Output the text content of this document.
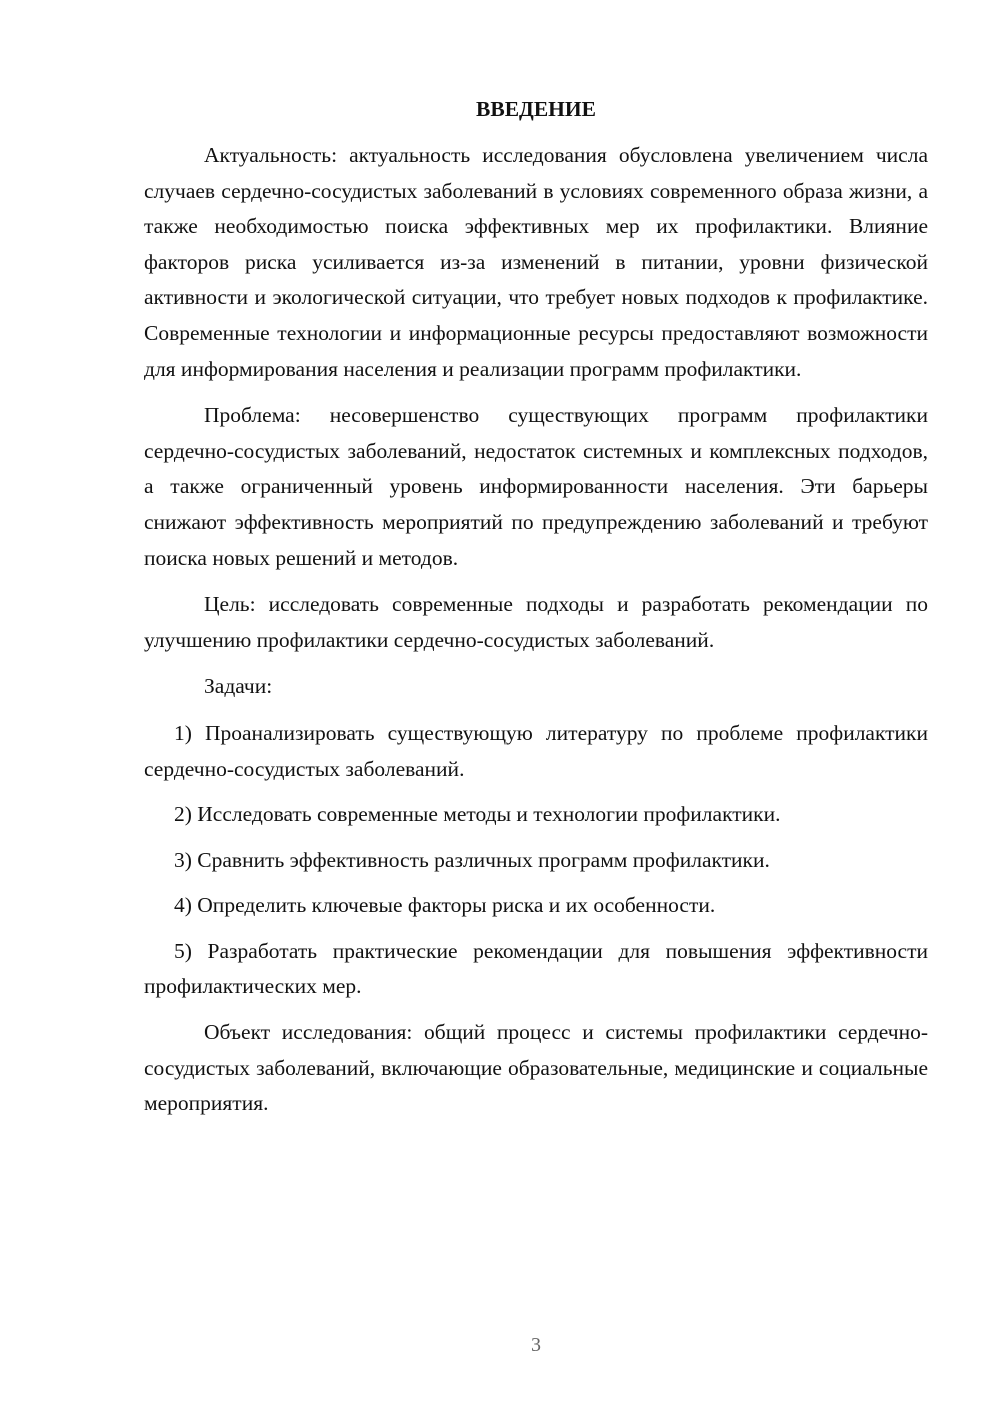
ВВЕДЕНИЕ

Актуальность: актуальность исследования обусловлена увеличением числа случаев сердечно-сосудистых заболеваний в условиях современного образа жизни, а также необходимостью поиска эффективных мер их профилактики. Влияние факторов риска усиливается из-за изменений в питании, уровни физической активности и экологической ситуации, что требует новых подходов к профилактике. Современные технологии и информационные ресурсы предоставляют возможности для информирования населения и реализации программ профилактики.

Проблема: несовершенство существующих программ профилактики сердечно-сосудистых заболеваний, недостаток системных и комплексных подходов, а также ограниченный уровень информированности населения. Эти барьеры снижают эффективность мероприятий по предупреждению заболеваний и требуют поиска новых решений и методов.

Цель: исследовать современные подходы и разработать рекомендации по улучшению профилактики сердечно-сосудистых заболеваний.

Задачи:

1) Проанализировать существующую литературу по проблеме профилактики сердечно-сосудистых заболеваний.

2) Исследовать современные методы и технологии профилактики.

3) Сравнить эффективность различных программ профилактики.

4) Определить ключевые факторы риска и их особенности.

5) Разработать практические рекомендации для повышения эффективности профилактических мер.

Объект исследования: общий процесс и системы профилактики сердечно-сосудистых заболеваний, включающие образовательные, медицинские и социальные мероприятия.

3
